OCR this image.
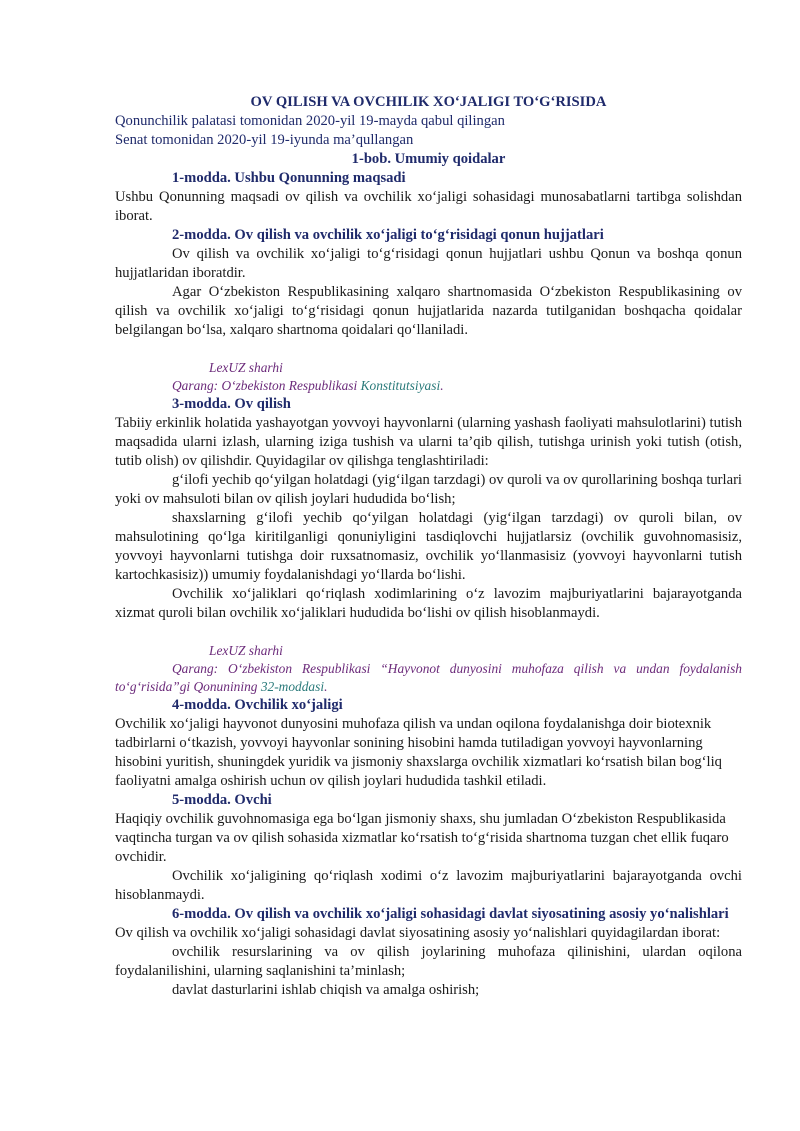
OV QILISH VA OVCHILIK XO‘JALIGI TO‘G‘RISIDA

Qonunchilik palatasi tomonidan 2020-yil 19-mayda qabul qilingan

Senat tomonidan 2020-yil 19-iyunda ma’qullangan

1-bob. Umumiy qoidalar

1-modda. Ushbu Qonunning maqsadi

Ushbu Qonunning maqsadi ov qilish va ovchilik xo‘jaligi sohasidagi munosabatlarni tartibga solishdan iborat.

2-modda. Ov qilish va ovchilik xo‘jaligi to‘g‘risidagi qonun hujjatlari

Ov qilish va ovchilik xo‘jaligi to‘g‘risidagi qonun hujjatlari ushbu Qonun va boshqa qonun hujjatlaridan iboratdir.

Agar O‘zbekiston Respublikasining xalqaro shartnomasida O‘zbekiston Respublikasining ov qilish va ovchilik xo‘jaligi to‘g‘risidagi qonun hujjatlarida nazarda tutilganidan boshqacha qoidalar belgilangan bo‘lsa, xalqaro shartnoma qoidalari qo‘llaniladi.

LexUZ sharhi

Qarang: O‘zbekiston Respublikasi Konstitutsiyasi.

3-modda. Ov qilish

Tabiiy erkinlik holatida yashayotgan yovvoyi hayvonlarni (ularning yashash faoliyati mahsulotlarini) tutish maqsadida ularni izlash, ularning iziga tushish va ularni ta’qib qilish, tutishga urinish yoki tutish (otish, tutib olish) ov qilishdir. Quyidagilar ov qilishga tenglashtiriladi:

g‘ilofi yechib qo‘yilgan holatdagi (yig‘ilgan tarzdagi) ov quroli va ov qurollarining boshqa turlari yoki ov mahsuloti bilan ov qilish joylari hududida bo‘lish;

shaxslarning g‘ilofi yechib qo‘yilgan holatdagi (yig‘ilgan tarzdagi) ov quroli bilan, ov mahsulotining qo‘lga kiritilganligi qonuniyligini tasdiqlovchi hujjatlarsiz (ovchilik guvohnomasisiz, yovvoyi hayvonlarni tutishga doir ruxsatnomasiz, ovchilik yo‘llanmasisiz (yovvoyi hayvonlarni tutish kartochkasisiz)) umumiy foydalanishdagi yo‘llarda bo‘lishi.

Ovchilik xo‘jaliklari qo‘riqlash xodimlarining o‘z lavozim majburiyatlarini bajarayotganda xizmat quroli bilan ovchilik xo‘jaliklari hududida bo‘lishi ov qilish hisoblanmaydi.

LexUZ sharhi

Qarang: O‘zbekiston Respublikasi “Hayvonot dunyosini muhofaza qilish va undan foydalanish to‘g‘risida”gi Qonunining 32-moddasi.

4-modda. Ovchilik xo‘jaligi

Ovchilik xo‘jaligi hayvonot dunyosini muhofaza qilish va undan oqilona foydalanishga doir biotexnik tadbirlarni o‘tkazish, yovvoyi hayvonlar sonining hisobini hamda tutiladigan yovvoyi hayvonlarning hisobini yuritish, shuningdek yuridik va jismoniy shaxslarga ovchilik xizmatlari ko‘rsatish bilan bog‘liq faoliyatni amalga oshirish uchun ov qilish joylari hududida tashkil etiladi.

5-modda. Ovchi

Haqiqiy ovchilik guvohnomasiga ega bo‘lgan jismoniy shaxs, shu jumladan O‘zbekiston Respublikasida vaqtincha turgan va ov qilish sohasida xizmatlar ko‘rsatish to‘g‘risida shartnoma tuzgan chet ellik fuqaro ovchidir.

Ovchilik xo‘jaligining qo‘riqlash xodimi o‘z lavozim majburiyatlarini bajarayotganda ovchi hisoblanmaydi.

6-modda. Ov qilish va ovchilik xo‘jaligi sohasidagi davlat siyosatining asosiy yo‘nalishlari

Ov qilish va ovchilik xo‘jaligi sohasidagi davlat siyosatining asosiy yo‘nalishlari quyidagilardan iborat:

ovchilik resurslarining va ov qilish joylarining muhofaza qilinishini, ulardan oqilona foydalanilishini, ularning saqlanishini ta’minlash;

davlat dasturlarini ishlab chiqish va amalga oshirish;
